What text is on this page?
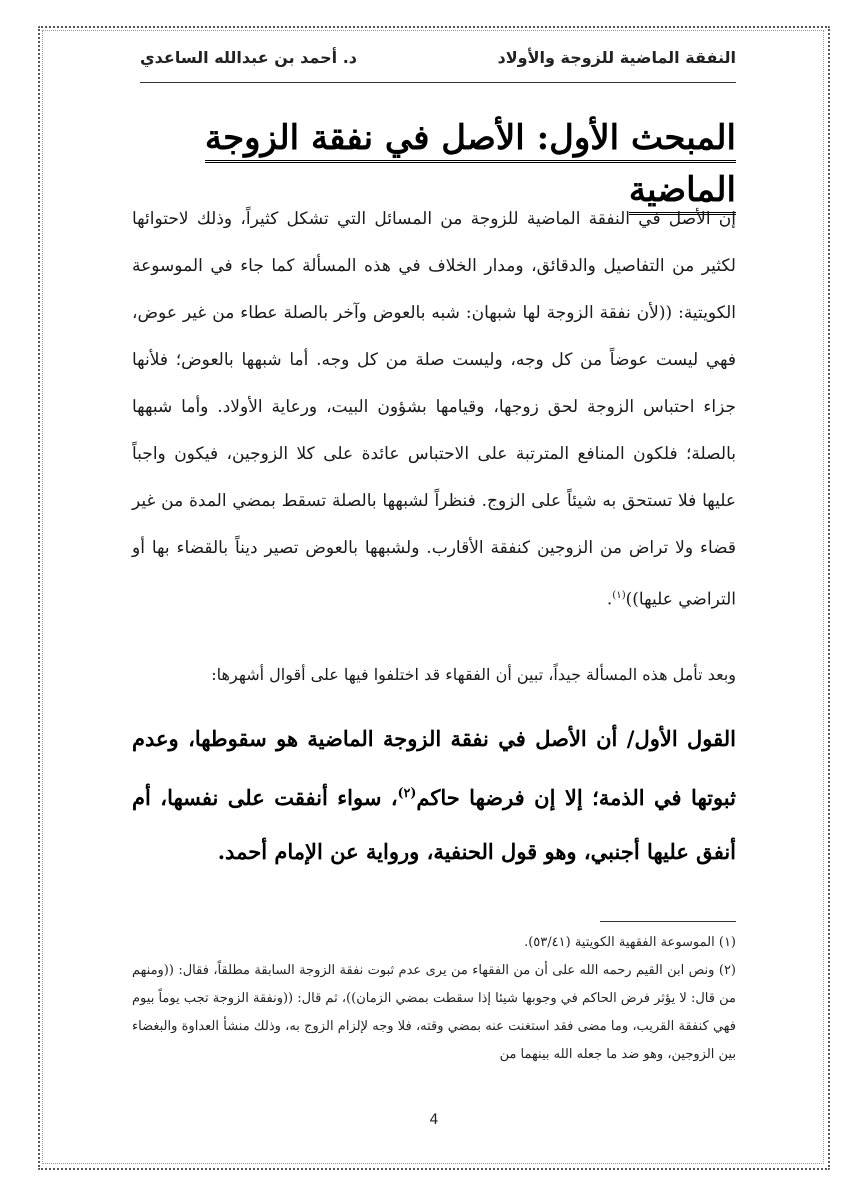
النفقة الماضية للزوجة والأولاد
د. أحمد بن عبدالله الساعدي
المبحث الأول: الأصل في نفقة الزوجة الماضية
إن الأصل في النفقة الماضية للزوجة من المسائل التي تشكل كثيراً، وذلك لاحتوائها لكثير من التفاصيل والدقائق، ومدار الخلاف في هذه المسألة كما جاء في الموسوعة الكويتية: ((لأن نفقة الزوجة لها شبهان: شبه بالعوض وآخر بالصلة عطاء من غير عوض، فهي ليست عوضاً من كل وجه، وليست صلة من كل وجه. أما شبهها بالعوض؛ فلأنها جزاء احتباس الزوجة لحق زوجها، وقيامها بشؤون البيت، ورعاية الأولاد. وأما شبهها بالصلة؛ فلكون المنافع المترتبة على الاحتباس عائدة على كلا الزوجين، فيكون واجباً عليها فلا تستحق به شيئاً على الزوج. فنظراً لشبهها بالصلة تسقط بمضي المدة من غير قضاء ولا تراض من الزوجين كنفقة الأقارب. ولشبهها بالعوض تصير ديناً بالقضاء بها أو التراضي عليها))$^{(١)}$.
وبعد تأمل هذه المسألة جيداً، تبين أن الفقهاء قد اختلفوا فيها على أقوال أشهرها:
القول الأول/ أن الأصل في نفقة الزوجة الماضية هو سقوطها، وعدم ثبوتها في الذمة؛ إلا إن فرضها حاكم$^{(٢)}$، سواء أنفقت على نفسها، أم أنفق عليها أجنبي، وهو قول الحنفية، ورواية عن الإمام أحمد.

(١) الموسوعة الفقهية الكويتية (٥٣/٤١).

(٢) ونص ابن القيم رحمه الله على أن من الفقهاء من يرى عدم ثبوت نفقة الزوجة السابقة مطلقاً، فقال: ((ومنهم من قال: لا يؤثر فرض الحاكم في وجوبها شيئا إذا سقطت بمضي الزمان))، ثم قال: ((ونفقة الزوجة تجب يوماً بيوم فهي كنفقة القريب، وما مضى فقد استغنت عنه بمضي وقته، فلا وجه لإلزام الزوج به، وذلك منشأ العداوة والبغضاء بين الزوجين، وهو ضد ما جعله الله بينهما من

4
